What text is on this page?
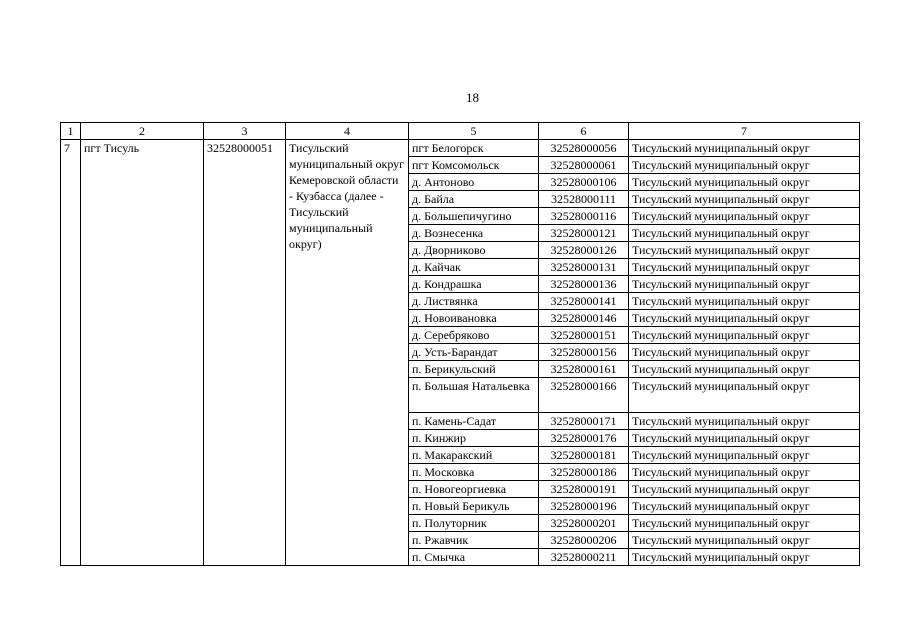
18
1	2	3	4	5	6	7
7	пгт Тисуль	32528000051	Тисульский муниципальный округ Кемеровской области - Кузбасса (далее - Тисульский муниципальный округ)	пгт Белогорск	32528000056	Тисульский муниципальный округ
				пгт Комсомольск	32528000061	Тисульский муниципальный округ
				д. Антоново	32528000106	Тисульский муниципальный округ
				д. Байла	32528000111	Тисульский муниципальный округ
				д. Большепичугино	32528000116	Тисульский муниципальный округ
				д. Вознесенка	32528000121	Тисульский муниципальный округ
				д. Дворниково	32528000126	Тисульский муниципальный округ
				д. Кайчак	32528000131	Тисульский муниципальный округ
				д. Кондрашка	32528000136	Тисульский муниципальный округ
				д. Листвянка	32528000141	Тисульский муниципальный округ
				д. Новоивановка	32528000146	Тисульский муниципальный округ
				д. Серебряково	32528000151	Тисульский муниципальный округ
				д. Усть-Барандат	32528000156	Тисульский муниципальный округ
				п. Берикульский	32528000161	Тисульский муниципальный округ
				п. Большая Натальевка	32528000166	Тисульский муниципальный округ
				п. Камень-Садат	32528000171	Тисульский муниципальный округ
				п. Кинжир	32528000176	Тисульский муниципальный округ
				п. Макаракский	32528000181	Тисульский муниципальный округ
				п. Московка	32528000186	Тисульский муниципальный округ
				п. Новогеоргиевка	32528000191	Тисульский муниципальный округ
				п. Новый Берикуль	32528000196	Тисульский муниципальный округ
				п. Полуторник	32528000201	Тисульский муниципальный округ
				п. Ржавчик	32528000206	Тисульский муниципальный округ
				п. Смычка	32528000211	Тисульский муниципальный округ
